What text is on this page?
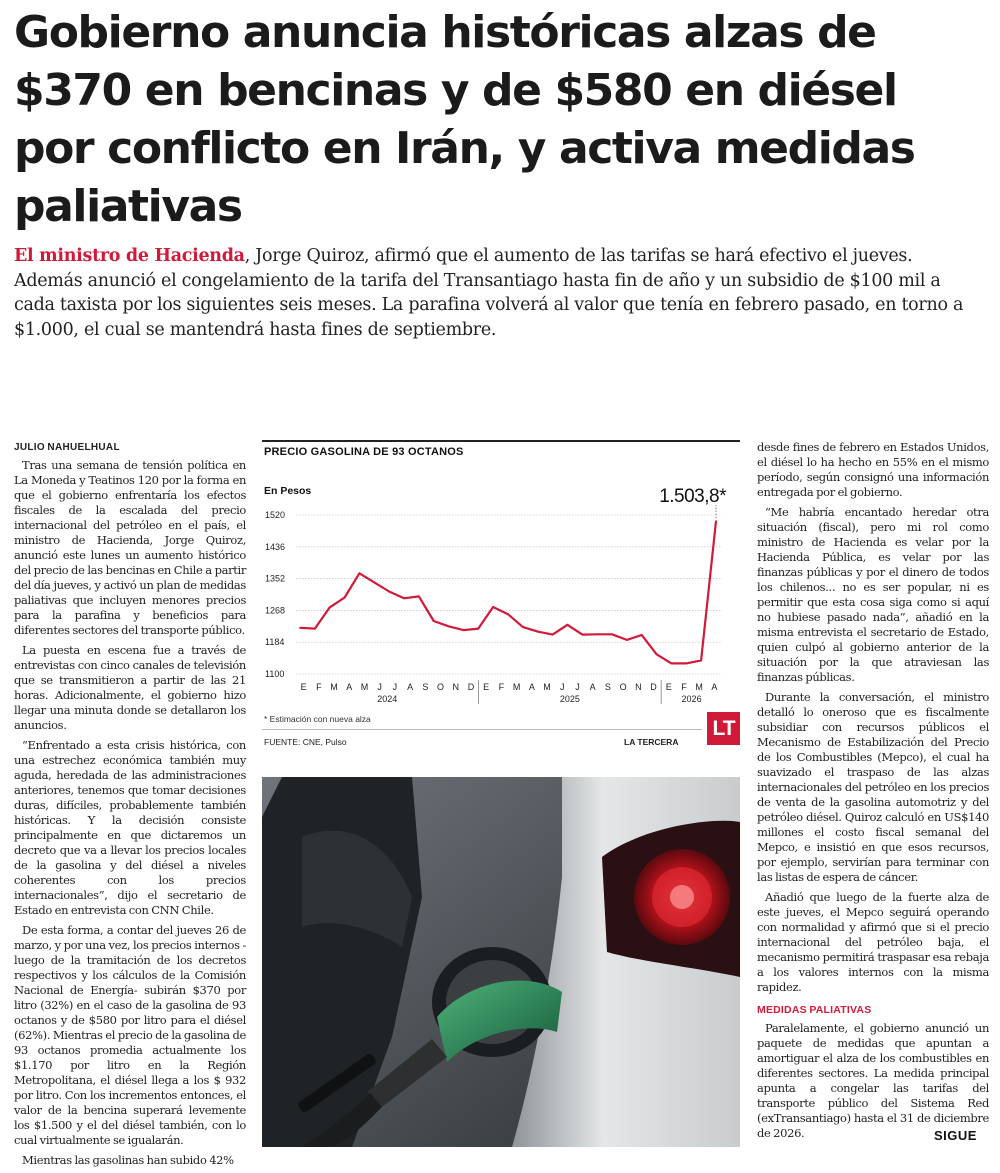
Gobierno anuncia históricas alzas de $370 en bencinas y de $580 en diésel por conflicto en Irán, y activa medidas paliativas

El ministro de Hacienda, Jorge Quiroz, afirmó que el aumento de las tarifas se hará efectivo el jueves. Además anunció el congelamiento de la tarifa del Transantiago hasta fin de año y un subsidio de $100 mil a cada taxista por los siguientes seis meses. La parafina volverá al valor que tenía en febrero pasado, en torno a $1.000, el cual se mantendrá hasta fines de septiembre.

JULIO NAHUELHUAL

Tras una semana de tensión política en La Moneda y Teatinos 120 por la forma en que el gobierno enfrentaría los efectos fiscales de la escalada del precio internacional del petróleo en el país, el ministro de Hacienda, Jorge Quiroz, anunció este lunes un aumento histórico del precio de las bencinas en Chile a partir del día jueves, y activó un plan de medidas paliativas que incluyen menores precios para la parafina y beneficios para diferentes sectores del transporte público.

La puesta en escena fue a través de entrevistas con cinco canales de televisión que se transmitieron a partir de las 21 horas. Adicionalmente, el gobierno hizo llegar una minuta donde se detallaron los anuncios.

“Enfrentado a esta crisis histórica, con una estrechez económica también muy aguda, heredada de las administraciones anteriores, tenemos que tomar decisiones duras, difíciles, probablemente también históricas. Y la decisión consiste principalmente en que dictaremos un decreto que va a llevar los precios locales de la gasolina y del diésel a niveles coherentes con los precios internacionales”, dijo el secretario de Estado en entrevista con CNN Chile.

De esta forma, a contar del jueves 26 de marzo, y por una vez, los precios internos -luego de la tramitación de los decretos respectivos y los cálculos de la Comisión Nacional de Energía- subirán $370 por litro (32%) en el caso de la gasolina de 93 octanos y de $580 por litro para el diésel (62%). Mientras el precio de la gasolina de 93 octanos promedia actualmente los $1.170 por litro en la Región Metropolitana, el diésel llega a los $ 932 por litro. Con los incrementos entonces, el valor de la bencina superará levemente los $1.500 y el del diésel también, con lo cual virtualmente se igualarán.

Mientras las gasolinas han subido 42%

PRECIO GASOLINA DE 93 OCTANOS
En Pesos
1100
1184
1268
1352
1436
1520
E F M A M J J A S O N D E F M A M J J A S O N D E F M A
2024	2025	2026
1.503,8*
* Estimación con nueva alza
FUENTE: CNE, Pulso	LA TERCERA
LT

desde fines de febrero en Estados Unidos, el diésel lo ha hecho en 55% en el mismo período, según consignó una información entregada por el gobierno.

“Me habría encantado heredar otra situación (fiscal), pero mi rol como ministro de Hacienda es velar por la Hacienda Pública, es velar por las finanzas públicas y por el dinero de todos los chilenos... no es ser popular, ni es permitir que esta cosa siga como si aquí no hubiese pasado nada”, añadió en la misma entrevista el secretario de Estado, quien culpó al gobierno anterior de la situación por la que atraviesan las finanzas públicas.

Durante la conversación, el ministro detalló lo oneroso que es fiscalmente subsidiar con recursos públicos el Mecanismo de Estabilización del Precio de los Combustibles (Mepco), el cual ha suavizado el traspaso de las alzas internacionales del petróleo en los precios de venta de la gasolina automotriz y del petróleo diésel. Quiroz calculó en US$140 millones el costo fiscal semanal del Mepco, e insistió en que esos recursos, por ejemplo, servirían para terminar con las listas de espera de cáncer.

Añadió que luego de la fuerte alza de este jueves, el Mepco seguirá operando con normalidad y afirmó que si el precio internacional del petróleo baja, el mecanismo permitirá traspasar esa rebaja a los valores internos con la misma rapidez.

MEDIDAS PALIATIVAS

Paralelamente, el gobierno anunció un paquete de medidas que apuntan a amortiguar el alza de los combustibles en diferentes sectores. La medida principal apunta a congelar las tarifas del transporte público del Sistema Red (exTransantiago) hasta el 31 de diciembre de 2026.	SIGUE
